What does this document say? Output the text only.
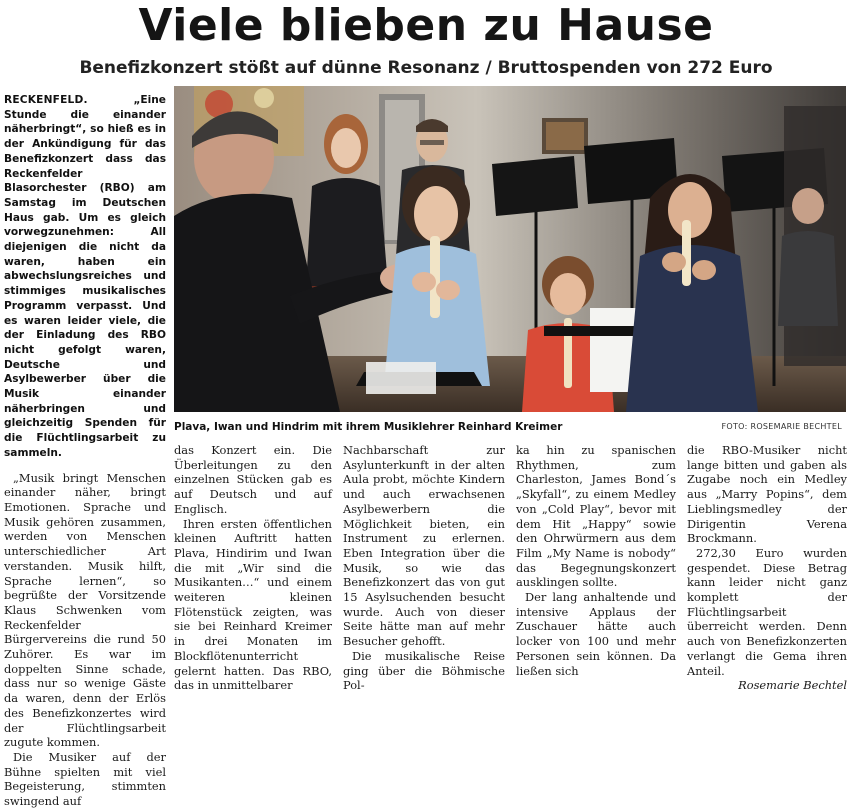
Viele blieben zu Hause
Benefizkonzert stößt auf dünne Resonanz / Bruttospenden von 272 Euro

RECKENFELD.	„Eine Stunde die einander näherbringt“, so hieß es in der Ankündigung für das Benefizkonzert dass das Reckenfelder Blasorchester (RBO) am Samstag im Deutschen Haus gab. Um es gleich vorwegzunehmen: All diejenigen die nicht da waren, haben ein abwechslungsreiches und stimmiges musikalisches Programm verpasst. Und es waren leider viele, die der Einladung des RBO nicht gefolgt waren, Deutsche und Asylbewerber über die Musik einander näherbringen und gleichzeitig Spenden für die Flüchtlingsarbeit zu sammeln.

„Musik bringt Menschen einander näher, bringt Emotionen. Sprache und Musik gehören zusammen, werden von Menschen unterschiedlicher Art verstanden. Musik hilft, Sprache lernen“, so begrüßte der Vorsitzende Klaus Schwenken vom Reckenfelder Bürgervereins die rund 50 Zuhörer. Es war im doppelten Sinne schade, dass nur so wenige Gäste da waren, denn der Erlös des Benefizkonzertes wird der Flüchtlingsarbeit zugute kommen.

Die Musiker auf der Bühne spielten mit viel Begeisterung, stimmten swingend auf

Plava, Iwan und Hindrim mit ihrem Musiklehrer Reinhard Kreimer	FOTO: ROSEMARIE BECHTEL

das Konzert ein. Die Überleitungen zu den einzelnen Stücken gab es auf Deutsch und auf Englisch.

Ihren ersten öffentlichen kleinen Auftritt hatten Plava, Hindirim und Iwan die mit „Wir sind die Musikanten…“ und einem weiteren kleinen Flötenstück zeigten, was sie bei Reinhard Kreimer in drei Monaten im Blockflötenunterricht gelernt hatten. Das RBO, das in unmittelbarer

Nachbarschaft zur Asylunterkunft in der alten Aula probt, möchte Kindern und auch erwachsenen Asylbewerbern die Möglichkeit bieten, ein Instrument zu erlernen. Eben Integration über die Musik, so wie das Benefizkonzert das von gut 15 Asylsuchenden besucht wurde. Auch von dieser Seite hätte man auf mehr Besucher gehofft.

Die musikalische Reise ging über die Böhmische Pol-

ka hin zu spanischen Rhythmen, zum Charleston, James Bond´s „Skyfall“, zu einem Medley von „Cold Play“, bevor mit dem Hit „Happy“ sowie den Ohrwürmern aus dem Film „My Name is nobody“ das Begegnungskonzert ausklingen sollte.

Der lang anhaltende und intensive Applaus der Zuschauer hätte auch locker von 100 und mehr Personen sein können. Da ließen sich

die RBO-Musiker nicht lange bitten und gaben als Zugabe noch ein Medley aus „Marry Popins“, dem Lieblingsmedley der Dirigentin Verena Brockmann.

272,30 Euro wurden gespendet. Diese Betrag kann leider nicht ganz komplett der Flüchtlingsarbeit überreicht werden. Denn auch von Benefizkonzerten verlangt die Gema ihren Anteil.

Rosemarie Bechtel
